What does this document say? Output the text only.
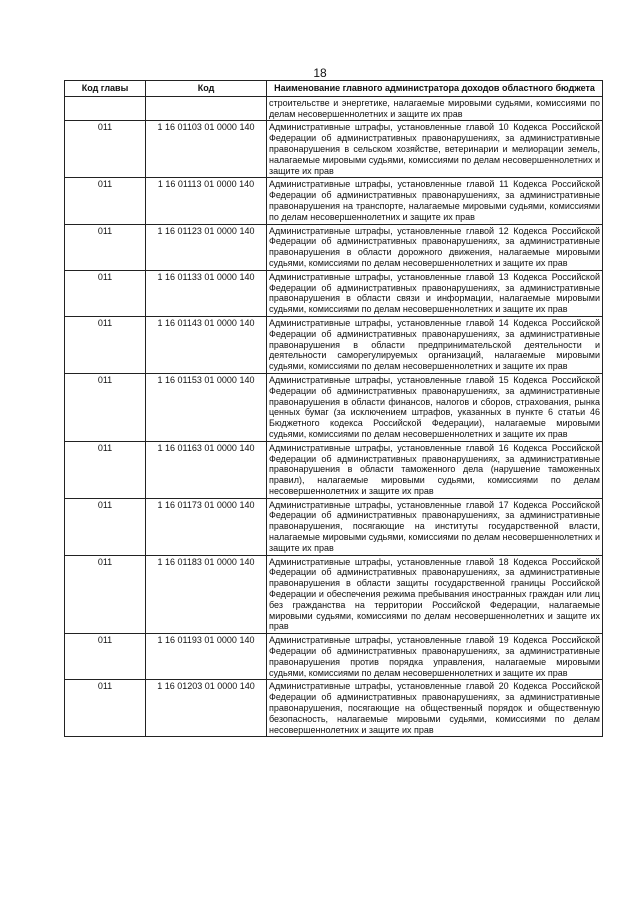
18
Код главы	Код	Наименование главного администратора доходов областного бюджета
		строительстве и энергетике, налагаемые мировыми судьями, комиссиями по делам несовершеннолетних и защите их прав
011	1 16 01103 01 0000 140	Административные штрафы, установленные главой 10 Кодекса Российской Федерации об административных правонарушениях, за административные правонарушения в сельском хозяйстве, ветеринарии и мелиорации земель, налагаемые мировыми судьями, комиссиями по делам несовершеннолетних и защите их прав
011	1 16 01113 01 0000 140	Административные штрафы, установленные главой 11 Кодекса Российской Федерации об административных правонарушениях, за административные правонарушения на транспорте, налагаемые мировыми судьями, комиссиями по делам несовершеннолетних и защите их прав
011	1 16 01123 01 0000 140	Административные штрафы, установленные главой 12 Кодекса Российской Федерации об административных правонарушениях, за административные правонарушения в области дорожного движения, налагаемые мировыми судьями, комиссиями по делам несовершеннолетних и защите их прав
011	1 16 01133 01 0000 140	Административные штрафы, установленные главой 13 Кодекса Российской Федерации об административных правонарушениях, за административные правонарушения в области связи и информации, налагаемые мировыми судьями, комиссиями по делам несовершеннолетних и защите их прав
011	1 16 01143 01 0000 140	Административные штрафы, установленные главой 14 Кодекса Российской Федерации об административных правонарушениях, за административные правонарушения в области предпринимательской деятельности и деятельности саморегулируемых организаций, налагаемые мировыми судьями, комиссиями по делам несовершеннолетних и защите их прав
011	1 16 01153 01 0000 140	Административные штрафы, установленные главой 15 Кодекса Российской Федерации об административных правонарушениях, за административные правонарушения в области финансов, налогов и сборов, страхования, рынка ценных бумаг (за исключением штрафов, указанных в пункте 6 статьи 46 Бюджетного кодекса Российской Федерации), налагаемые мировыми судьями, комиссиями по делам несовершеннолетних и защите их прав
011	1 16 01163 01 0000 140	Административные штрафы, установленные главой 16 Кодекса Российской Федерации об административных правонарушениях, за административные правонарушения в области таможенного дела (нарушение таможенных правил), налагаемые мировыми судьями, комиссиями по делам несовершеннолетних и защите их прав
011	1 16 01173 01 0000 140	Административные штрафы, установленные главой 17 Кодекса Российской Федерации об административных правонарушениях, за административные правонарушения, посягающие на институты государственной власти, налагаемые мировыми судьями, комиссиями по делам несовершеннолетних и защите их прав
011	1 16 01183 01 0000 140	Административные штрафы, установленные главой 18 Кодекса Российской Федерации об административных правонарушениях, за административные правонарушения в области защиты государственной границы Российской Федерации и обеспечения режима пребывания иностранных граждан или лиц без гражданства на территории Российской Федерации, налагаемые мировыми судьями, комиссиями по делам несовершеннолетних и защите их прав
011	1 16 01193 01 0000 140	Административные штрафы, установленные главой 19 Кодекса Российской Федерации об административных правонарушениях, за административные правонарушения против порядка управления, налагаемые мировыми судьями, комиссиями по делам несовершеннолетних и защите их прав
011	1 16 01203 01 0000 140	Административные штрафы, установленные главой 20 Кодекса Российской Федерации об административных правонарушениях, за административные правонарушения, посягающие на общественный порядок и общественную безопасность, налагаемые мировыми судьями, комиссиями по делам несовершеннолетних и защите их прав
